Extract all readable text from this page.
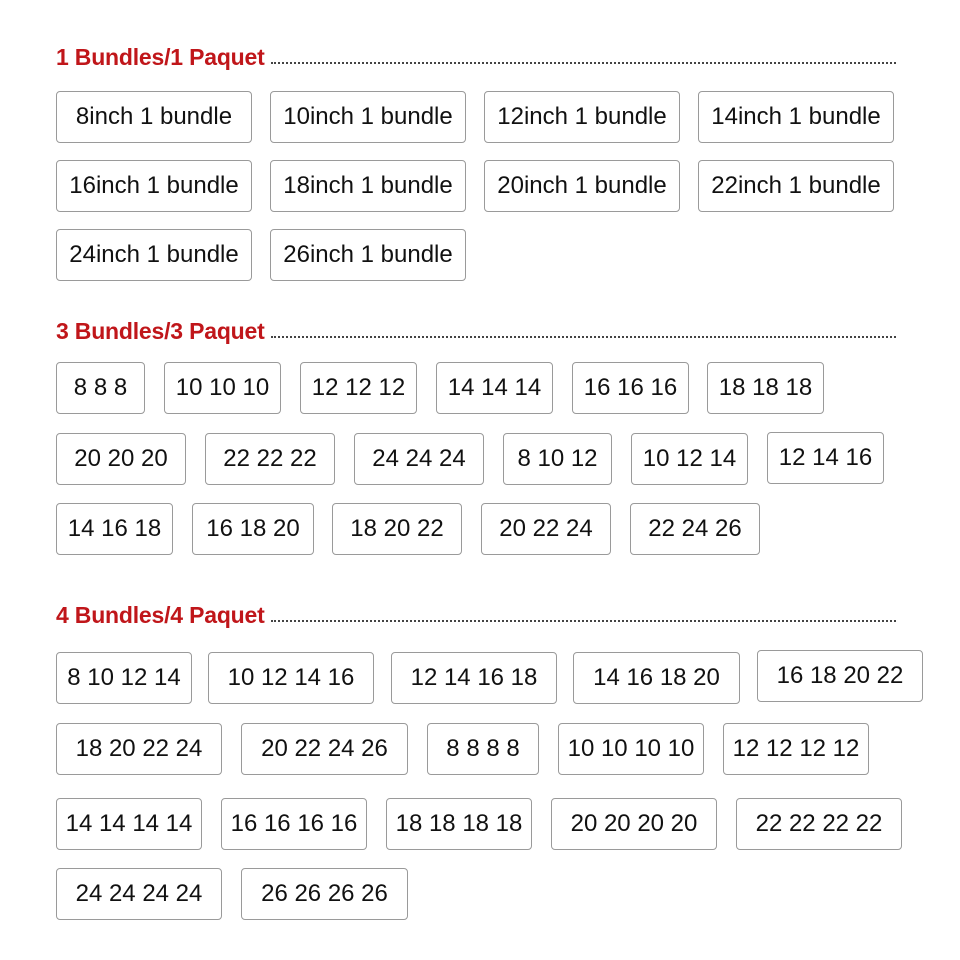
1 Bundles/1 Paquet
8inch 1 bundle	10inch 1 bundle	12inch 1 bundle	14inch 1 bundle
16inch 1 bundle	18inch 1 bundle	20inch 1 bundle	22inch 1 bundle
24inch 1 bundle	26inch 1 bundle
3 Bundles/3 Paquet
8 8 8	10 10 10	12 12 12	14 14 14	16 16 16	18 18 18
20 20 20	22 22 22	24 24 24	8 10 12	10 12 14	12 14 16
14 16 18	16 18 20	18 20 22	20 22 24	22 24 26
4 Bundles/4 Paquet
8 10 12 14	10 12 14 16	12 14 16 18	14 16 18 20	16 18 20 22
18 20 22 24	20 22 24 26	8 8 8 8	10 10 10 10	12 12 12 12
14 14 14 14	16 16 16 16	18 18 18 18	20 20 20 20	22 22 22 22
24 24 24 24	26 26 26 26
